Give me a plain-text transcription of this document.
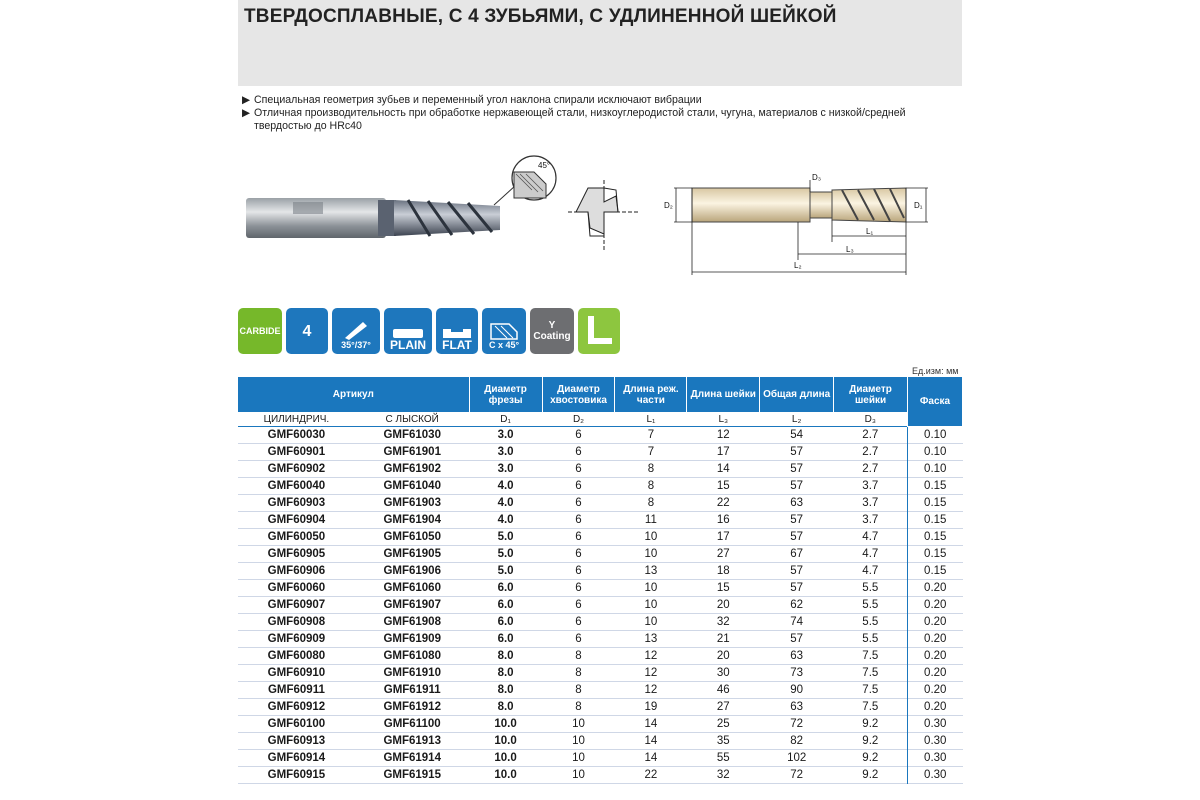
ТВЕРДОСПЛАВНЫЕ, С 4 ЗУБЬЯМИ, С УДЛИНЕННОЙ ШЕЙКОЙ
▶ Специальная геометрия зубьев и переменный угол наклона спирали исключают вибрации
▶ Отличная производительность при обработке нержавеющей стали, низкоуглеродистой стали, чугуна, материалов с низкой/средней
твердостью до HRc40
45°
D₂
D₃
D₁
L₁
L₃
L₂
CARBIDE 4
35°/37° PLAIN FLAT C x 45°
Y
Coating
Ед.изм: мм
Артикул		Диаметр фрезы	Диаметр хвостовика	Длина реж. части	Длина шейки	Общая длина	Диаметр шейки	Фаска
ЦИЛИНДРИЧ.	С ЛЫСКОЙ	D₁	D₂	L₁	L₃	L₂	D₃	
GMF60030	GMF61030	3.0	6	7	12	54	2.7	0.10
GMF60901	GMF61901	3.0	6	7	17	57	2.7	0.10
GMF60902	GMF61902	3.0	6	8	14	57	2.7	0.10
GMF60040	GMF61040	4.0	6	8	15	57	3.7	0.15
GMF60903	GMF61903	4.0	6	8	22	63	3.7	0.15
GMF60904	GMF61904	4.0	6	11	16	57	3.7	0.15
GMF60050	GMF61050	5.0	6	10	17	57	4.7	0.15
GMF60905	GMF61905	5.0	6	10	27	67	4.7	0.15
GMF60906	GMF61906	5.0	6	13	18	57	4.7	0.15
GMF60060	GMF61060	6.0	6	10	15	57	5.5	0.20
GMF60907	GMF61907	6.0	6	10	20	62	5.5	0.20
GMF60908	GMF61908	6.0	6	10	32	74	5.5	0.20
GMF60909	GMF61909	6.0	6	13	21	57	5.5	0.20
GMF60080	GMF61080	8.0	8	12	20	63	7.5	0.20
GMF60910	GMF61910	8.0	8	12	30	73	7.5	0.20
GMF60911	GMF61911	8.0	8	12	46	90	7.5	0.20
GMF60912	GMF61912	8.0	8	19	27	63	7.5	0.20
GMF60100	GMF61100	10.0	10	14	25	72	9.2	0.30
GMF60913	GMF61913	10.0	10	14	35	82	9.2	0.30
GMF60914	GMF61914	10.0	10	14	55	102	9.2	0.30
GMF60915	GMF61915	10.0	10	22	32	72	9.2	0.30
